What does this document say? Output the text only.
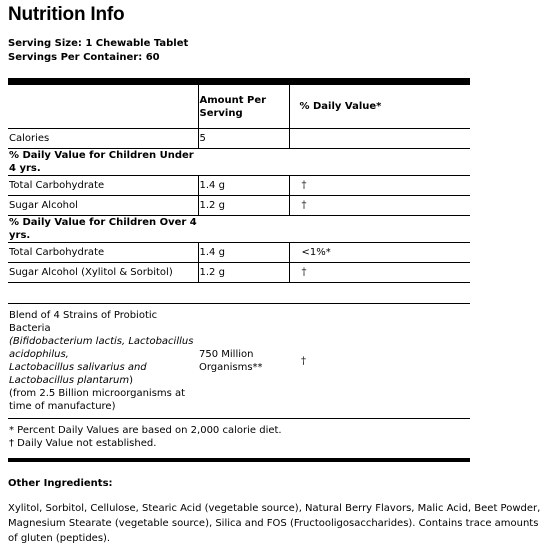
Nutrition Info
Serving Size: 1 Chewable Tablet
Servings Per Container: 60
	Amount Per Serving	% Daily Value*
Calories	5	
% Daily Value for Children Under 4 yrs.		
Total Carbohydrate	1.4 g	†
Sugar Alcohol	1.2 g	†
% Daily Value for Children Over 4 yrs.		
Total Carbohydrate	1.4 g	<1%*
Sugar Alcohol (Xylitol & Sorbitol)	1.2 g	†

Blend of 4 Strains of Probiotic Bacteria
(Bifidobacterium lactis, Lactobacillus acidophilus,
Lactobacillus salivarius and Lactobacillus plantarum)
(from 2.5 Billion microorganisms at time of manufacture)	750 Million Organisms**	†
* Percent Daily Values are based on 2,000 calorie diet.
† Daily Value not established.		
Other Ingredients:
Xylitol, Sorbitol, Cellulose, Stearic Acid (vegetable source), Natural Berry Flavors, Malic Acid, Beet Powder, Magnesium Stearate (vegetable source), Silica and FOS (Fructooligosaccharides). Contains trace amounts of gluten (peptides).
